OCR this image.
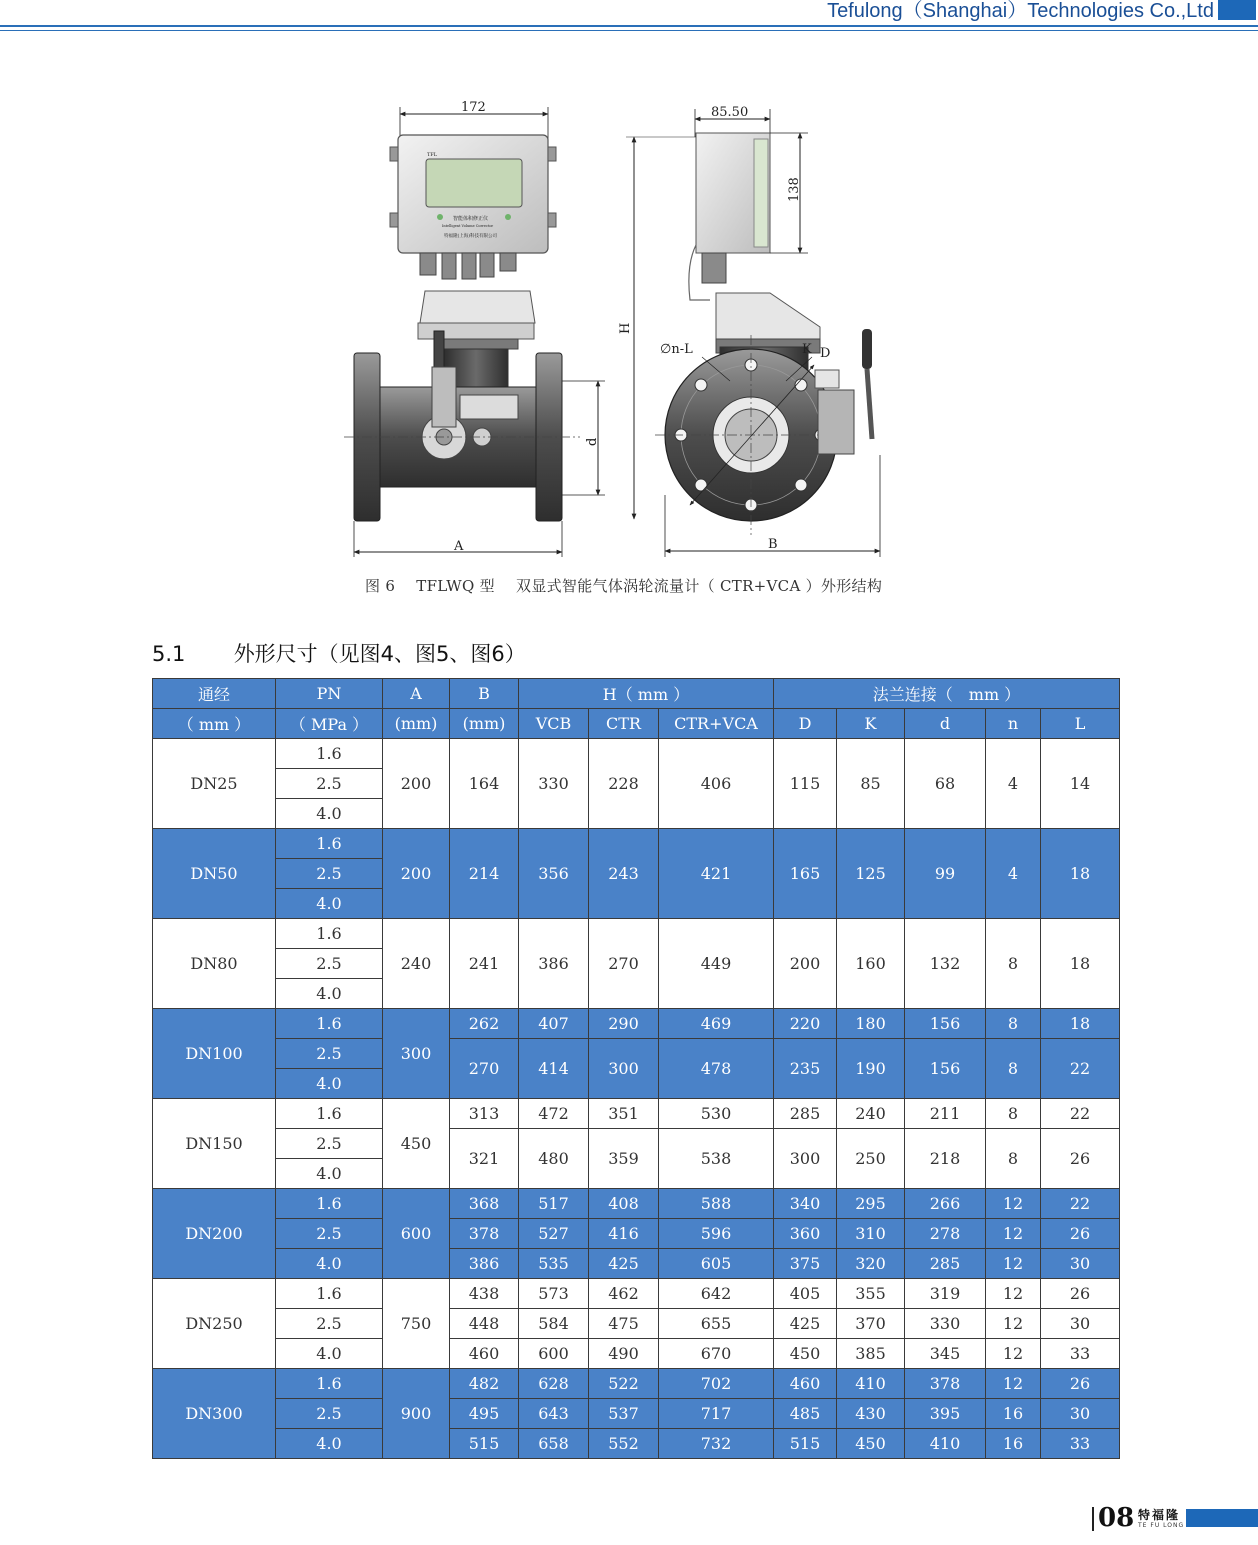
Tefulong（Shanghai）Technologies Co.,Ltd
172
TFL
智能体积修正仪
Intelligent Volume Corrector
特福隆(上海)科技有限公司
d
A
85.50
138
H
∅n-L	K D
B
图 6 TFLWQ 型 双显式智能气体涡轮流量计（ CTR+VCA ）外形结构
5.1 外形尺寸（见图4、图5、图6）
通经	PN	A	B	H（ mm ）			法兰连接（　mm ）				
（ mm ）	（ MPa ）	(mm)	(mm)	VCB	CTR	CTR+VCA	D	K	d	n	L
DN25	1.6	200	164	330	228	406	115	85	68	4	14
	2.5										
	4.0										
DN50	1.6	200	214	356	243	421	165	125	99	4	18
	2.5										
	4.0										
DN80	1.6	240	241	386	270	449	200	160	132	8	18
	2.5										
	4.0										
DN100	1.6	300	262	407	290	469	220	180	156	8	18
	2.5		270	414	300	478	235	190	156	8	22
	4.0										
DN150	1.6	450	313	472	351	530	285	240	211	8	22
	2.5		321	480	359	538	300	250	218	8	26
	4.0										
DN200	1.6	600	368	517	408	588	340	295	266	12	22
	2.5		378	527	416	596	360	310	278	12	26
	4.0		386	535	425	605	375	320	285	12	30
DN250	1.6	750	438	573	462	642	405	355	319	12	26
	2.5		448	584	475	655	425	370	330	12	30
	4.0		460	600	490	670	450	385	345	12	33
DN300	1.6	900	482	628	522	702	460	410	378	12	26
	2.5		495	643	537	717	485	430	395	16	30
	4.0		515	658	552	732	515	450	410	16	33
08 特福隆
TE FU LONG
